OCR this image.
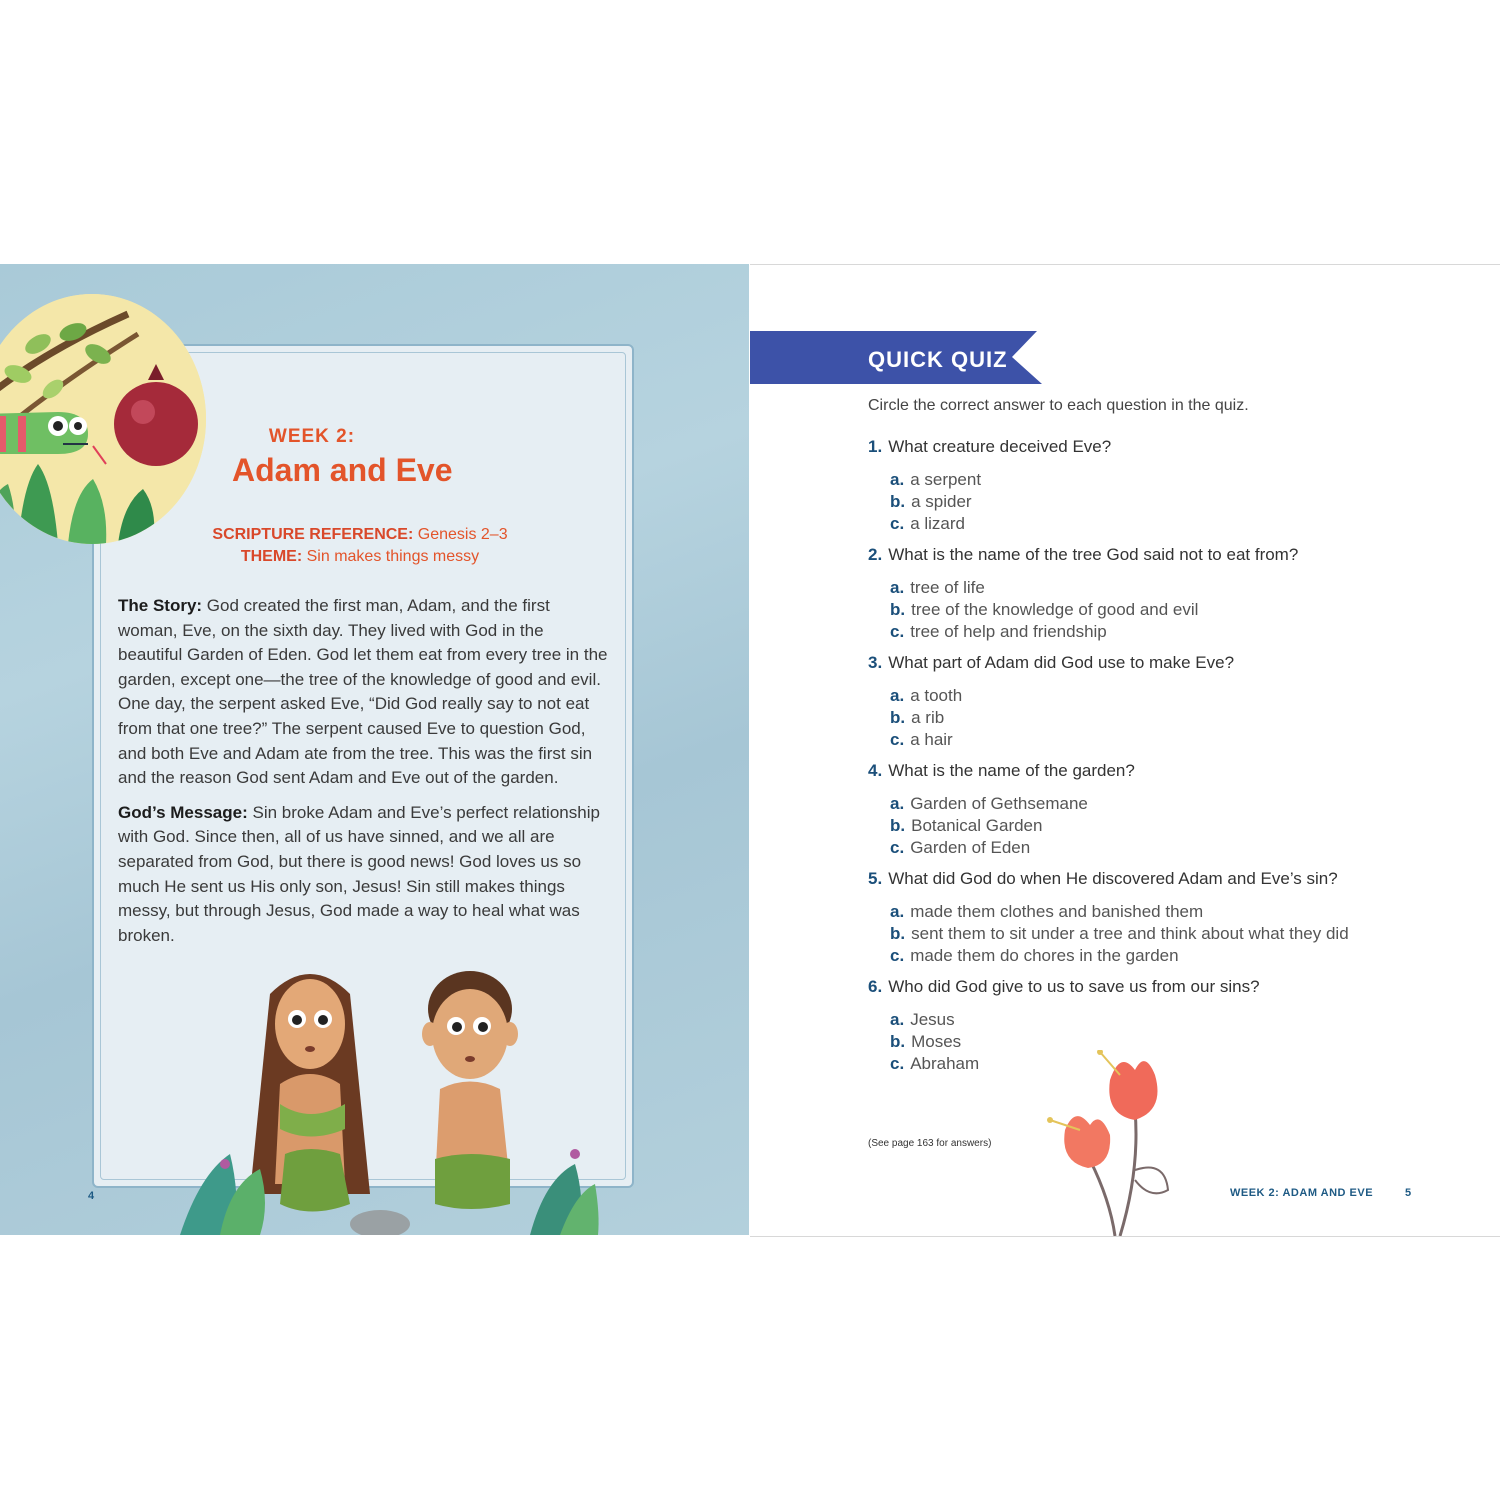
WEEK 2:
Adam and Eve
SCRIPTURE REFERENCE: Genesis 2–3
THEME: Sin makes things messy

The Story: God created the first man, Adam, and the first woman, Eve, on the sixth day. They lived with God in the beautiful Garden of Eden. God let them eat from every tree in the garden, except one—the tree of the knowledge of good and evil. One day, the serpent asked Eve, “Did God really say to not eat from that one tree?” The serpent caused Eve to question God, and both Eve and Adam ate from the tree. This was the first sin and the reason God sent Adam and Eve out of the garden.

God’s Message: Sin broke Adam and Eve’s perfect relationship with God. Since then, all of us have sinned, and we all are separated from God, but there is good news! God loves us so much He sent us His only son, Jesus! Sin still makes things messy, but through Jesus, God made a way to heal what was broken.

4
QUICK QUIZ
Circle the correct answer to each question in the quiz.
1. What creature deceived Eve?
a. a serpent
b. a spider
c. a lizard
2. What is the name of the tree God said not to eat from?
a. tree of life
b. tree of the knowledge of good and evil
c. tree of help and friendship
3. What part of Adam did God use to make Eve?
a. a tooth
b. a rib
c. a hair
4. What is the name of the garden?
a. Garden of Gethsemane
b. Botanical Garden
c. Garden of Eden
5. What did God do when He discovered Adam and Eve’s sin?
a. made them clothes and banished them
b. sent them to sit under a tree and think about what they did
c. made them do chores in the garden
6. Who did God give to us to save us from our sins?
a. Jesus
b. Moses
c. Abraham
(See page 163 for answers)
WEEK 2: ADAM AND EVE	5
